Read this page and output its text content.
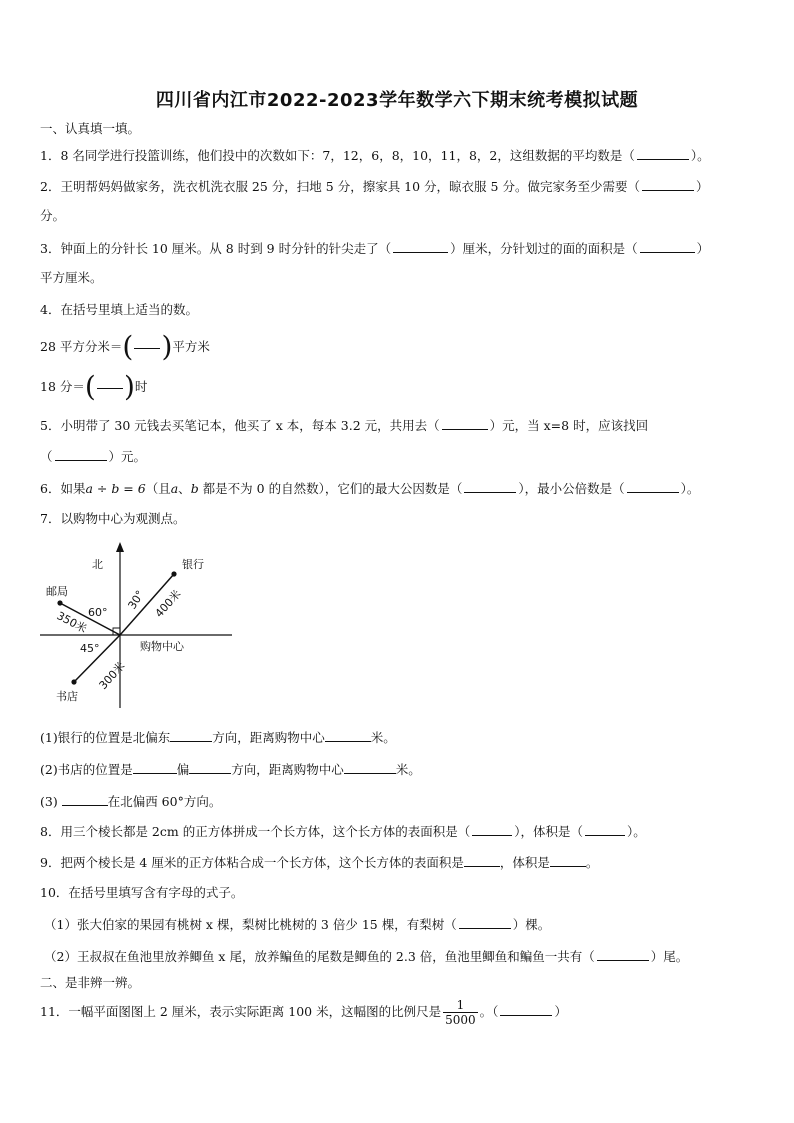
四川省内江市2022-2023学年数学六下期末统考模拟试题
一、认真填一填。
1．8 名同学进行投篮训练，他们投中的次数如下：7，12，6，8，10，11，8，2，这组数据的平均数是（	）。
2．王明帮妈妈做家务，洗衣机洗衣服 25 分，扫地 5 分，擦家具 10 分，晾衣服 5 分。做完家务至少需要（	）
分。
3．钟面上的分针长 10 厘米。从 8 时到 9 时分针的针尖走了（	）厘米，分针划过的面的面积是（	）
平方厘米。
4．在括号里填上适当的数。
28 平方分米＝ ( ) 平方米
18 分＝ ( ) 时
5．小明带了 30 元钱去买笔记本，他买了 x 本，每本 3.2 元，共用去（	）元，当 x=8 时，应该找回
（	）元。
6．如果a ÷ b = 6（且a、b 都是不为 0 的自然数），它们的最大公因数是（	），最小公倍数是（	）。
7．以购物中心为观测点。
北	银行
邮局
书店
购物中心
30°
60°
45°
400米
350米
300米
(1)银行的位置是北偏东	方向，距离购物中心	米。
(2)书店的位置是	偏	方向，距离购物中心	米。
(3)	在北偏西 60°方向。
8．用三个棱长都是 2cm 的正方体拼成一个长方体，这个长方体的表面积是（	），体积是（	）。
9．把两个棱长是 4 厘米的正方体粘合成一个长方体，这个长方体的表面积是	，体积是	。
10．在括号里填写含有字母的式子。
（1）张大伯家的果园有桃树 x 棵，梨树比桃树的 3 倍少 15 棵，有梨树（	）棵。
（2）王叔叔在鱼池里放养鲫鱼 x 尾，放养鳊鱼的尾数是鲫鱼的 2.3 倍，鱼池里鲫鱼和鳊鱼一共有（	）尾。
二、是非辨一辨。
11．一幅平面图图上 2 厘米，表示实际距离 100 米，这幅图的比例尺是 $\frac{1}{5000}$ 。（	）
